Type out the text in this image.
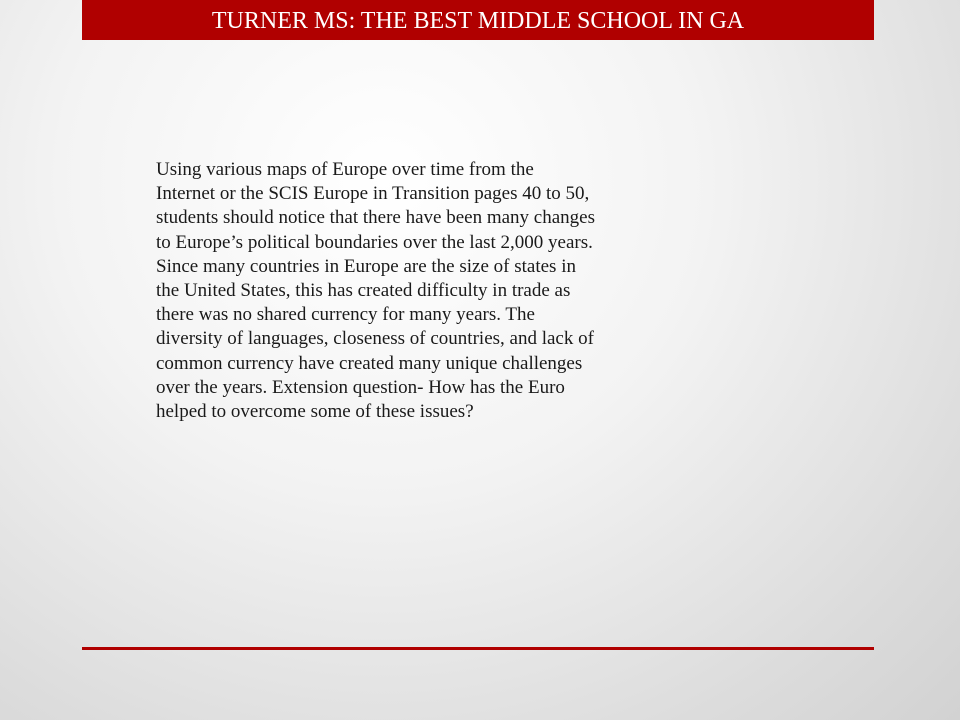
TURNER MS: THE BEST MIDDLE SCHOOL IN GA
Using various maps of Europe over time from the
Internet or the SCIS Europe in Transition pages 40 to 50,
students should notice that there have been many changes
to Europe’s political boundaries over the last 2,000 years.
Since many countries in Europe are the size of states in
the United States, this has created difficulty in trade as
there was no shared currency for many years. The
diversity of languages, closeness of countries, and lack of
common currency have created many unique challenges
over the years. Extension question- How has the Euro
helped to overcome some of these issues?
